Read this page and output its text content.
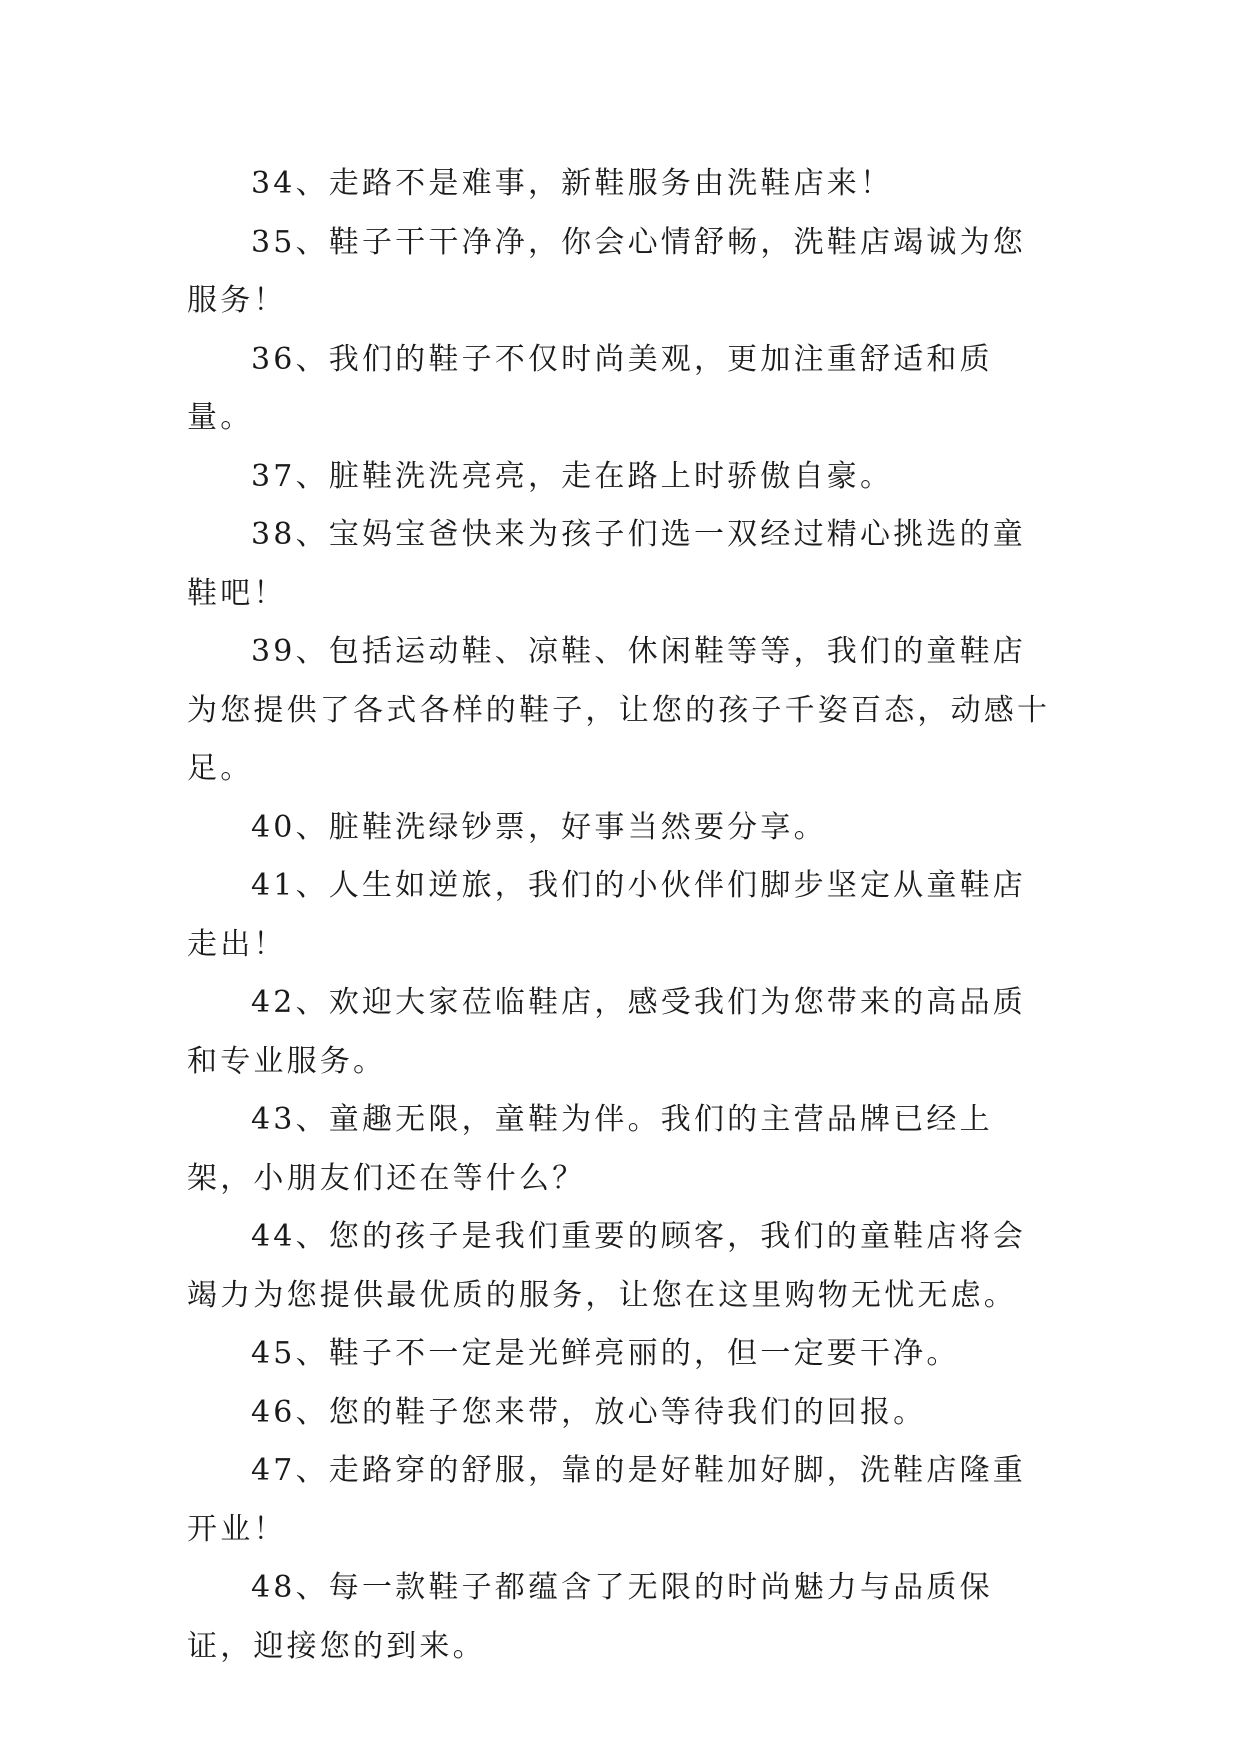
34、走路不是难事，新鞋服务由洗鞋店来！

35、鞋子干干净净，你会心情舒畅，洗鞋店竭诚为您服务！

36、我们的鞋子不仅时尚美观，更加注重舒适和质量。

37、脏鞋洗洗亮亮，走在路上时骄傲自豪。

38、宝妈宝爸快来为孩子们选一双经过精心挑选的童鞋吧！

39、包括运动鞋、凉鞋、休闲鞋等等，我们的童鞋店为您提供了各式各样的鞋子，让您的孩子千姿百态，动感十足。

40、脏鞋洗绿钞票，好事当然要分享。

41、人生如逆旅，我们的小伙伴们脚步坚定从童鞋店走出！

42、欢迎大家莅临鞋店，感受我们为您带来的高品质和专业服务。

43、童趣无限，童鞋为伴。我们的主营品牌已经上架，小朋友们还在等什么？

44、您的孩子是我们重要的顾客，我们的童鞋店将会竭力为您提供最优质的服务，让您在这里购物无忧无虑。

45、鞋子不一定是光鲜亮丽的，但一定要干净。

46、您的鞋子您来带，放心等待我们的回报。

47、走路穿的舒服，靠的是好鞋加好脚，洗鞋店隆重开业！

48、每一款鞋子都蕴含了无限的时尚魅力与品质保证，迎接您的到来。
